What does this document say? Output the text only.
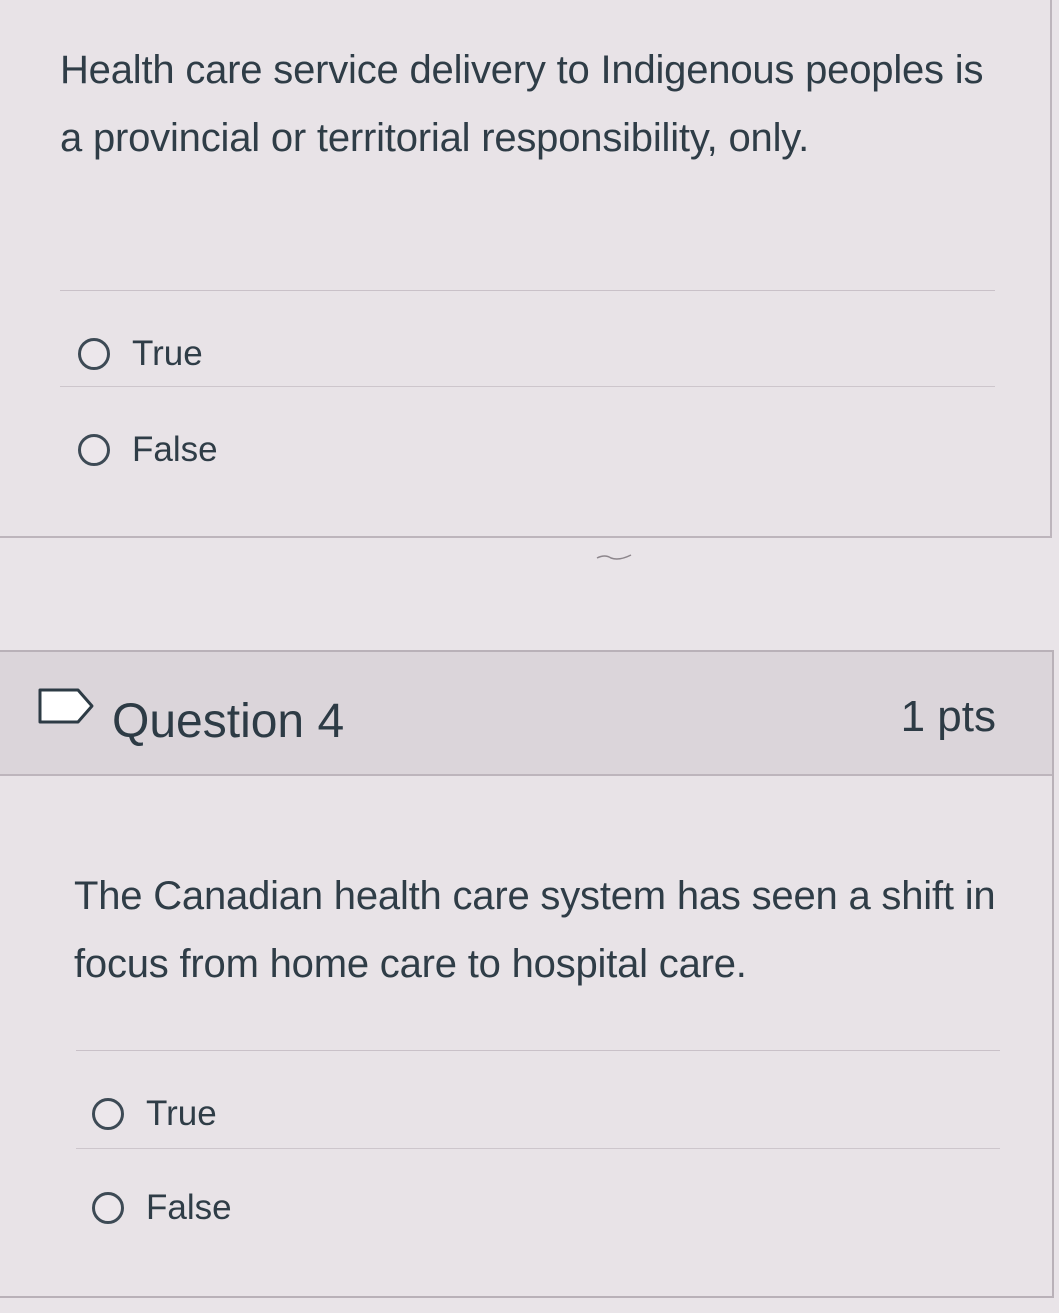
Health care service delivery to Indigenous peoples is a provincial or territorial responsibility, only.
True
False
Question 4	1 pts
The Canadian health care system has seen a shift in focus from home care to hospital care.
True
False
